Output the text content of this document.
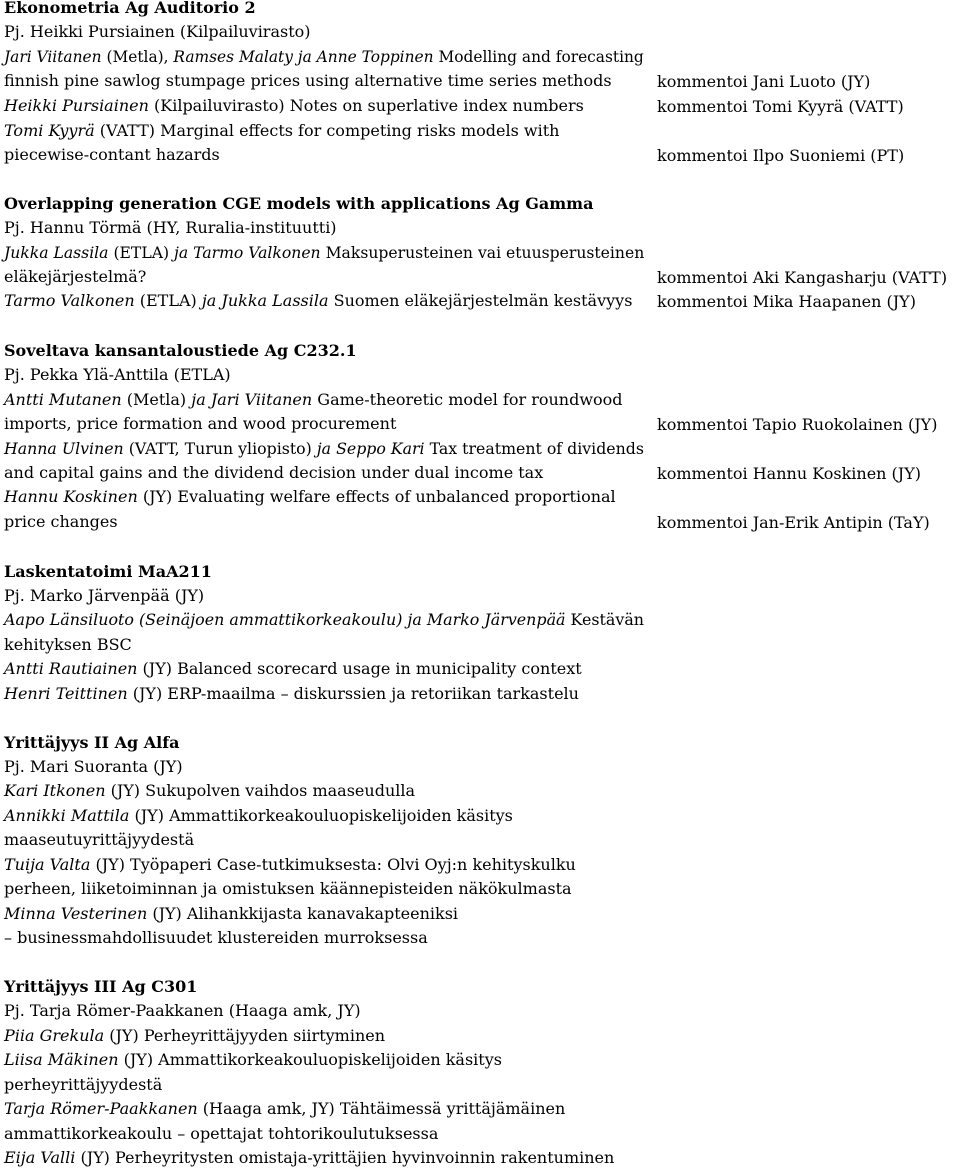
Ekonometria Ag Auditorio 2
Pj. Heikki Pursiainen (Kilpailuvirasto)
Jari Viitanen (Metla), Ramses Malaty ja Anne Toppinen Modelling and forecasting
finnish pine sawlog stumpage prices using alternative time series methods
Heikki Pursiainen (Kilpailuvirasto) Notes on superlative index numbers
Tomi Kyyrä (VATT) Marginal effects for competing risks models with
piecewise-contant hazards
kommentoi Jani Luoto (JY)
kommentoi Tomi Kyyrä (VATT)
kommentoi Ilpo Suoniemi (PT)
Overlapping generation CGE models with applications Ag Gamma
Pj. Hannu Törmä (HY, Ruralia-instituutti)
Jukka Lassila (ETLA) ja Tarmo Valkonen Maksuperusteinen vai etuusperusteinen
eläkejärjestelmä?
Tarmo Valkonen (ETLA) ja Jukka Lassila Suomen eläkejärjestelmän kestävyys
kommentoi Aki Kangasharju (VATT)
kommentoi Mika Haapanen (JY)
Soveltava kansantaloustiede Ag C232.1
Pj. Pekka Ylä-Anttila (ETLA)
Antti Mutanen (Metla) ja Jari Viitanen Game-theoretic model for roundwood
imports, price formation and wood procurement
Hanna Ulvinen (VATT, Turun yliopisto) ja Seppo Kari Tax treatment of dividends
and capital gains and the dividend decision under dual income tax
Hannu Koskinen (JY) Evaluating welfare effects of unbalanced proportional
price changes
kommentoi Tapio Ruokolainen (JY)
kommentoi Hannu Koskinen (JY)
kommentoi Jan-Erik Antipin (TaY)
Laskentatoimi MaA211
Pj. Marko Järvenpää (JY)
Aapo Länsiluoto (Seinäjoen ammattikorkeakoulu) ja Marko Järvenpää Kestävän
kehityksen BSC
Antti Rautiainen (JY) Balanced scorecard usage in municipality context
Henri Teittinen (JY) ERP-maailma – diskurssien ja retoriikan tarkastelu
Yrittäjyys II Ag Alfa
Pj. Mari Suoranta (JY)
Kari Itkonen (JY) Sukupolven vaihdos maaseudulla
Annikki Mattila (JY) Ammattikorkeakouluopiskelijoiden käsitys
maaseutuyrittäjyydestä
Tuija Valta (JY) Työpaperi Case-tutkimuksesta: Olvi Oyj:n kehityskulku
perheen, liiketoiminnan ja omistuksen käännepisteiden näkökulmasta
Minna Vesterinen (JY) Alihankkijasta kanavakapteeniksi
– businessmahdollisuudet klustereiden murroksessa
Yrittäjyys III Ag C301
Pj. Tarja Römer-Paakkanen (Haaga amk, JY)
Piia Grekula (JY) Perheyrittäjyyden siirtyminen
Liisa Mäkinen (JY) Ammattikorkeakouluopiskelijoiden käsitys
perheyrittäjyydestä
Tarja Römer-Paakkanen (Haaga amk, JY) Tähtäimessä yrittäjämäinen
ammattikorkeakoulu – opettajat tohtorikoulutuksessa
Eija Valli (JY) Perheyritysten omistaja-yrittäjien hyvinvoinnin rakentuminen
